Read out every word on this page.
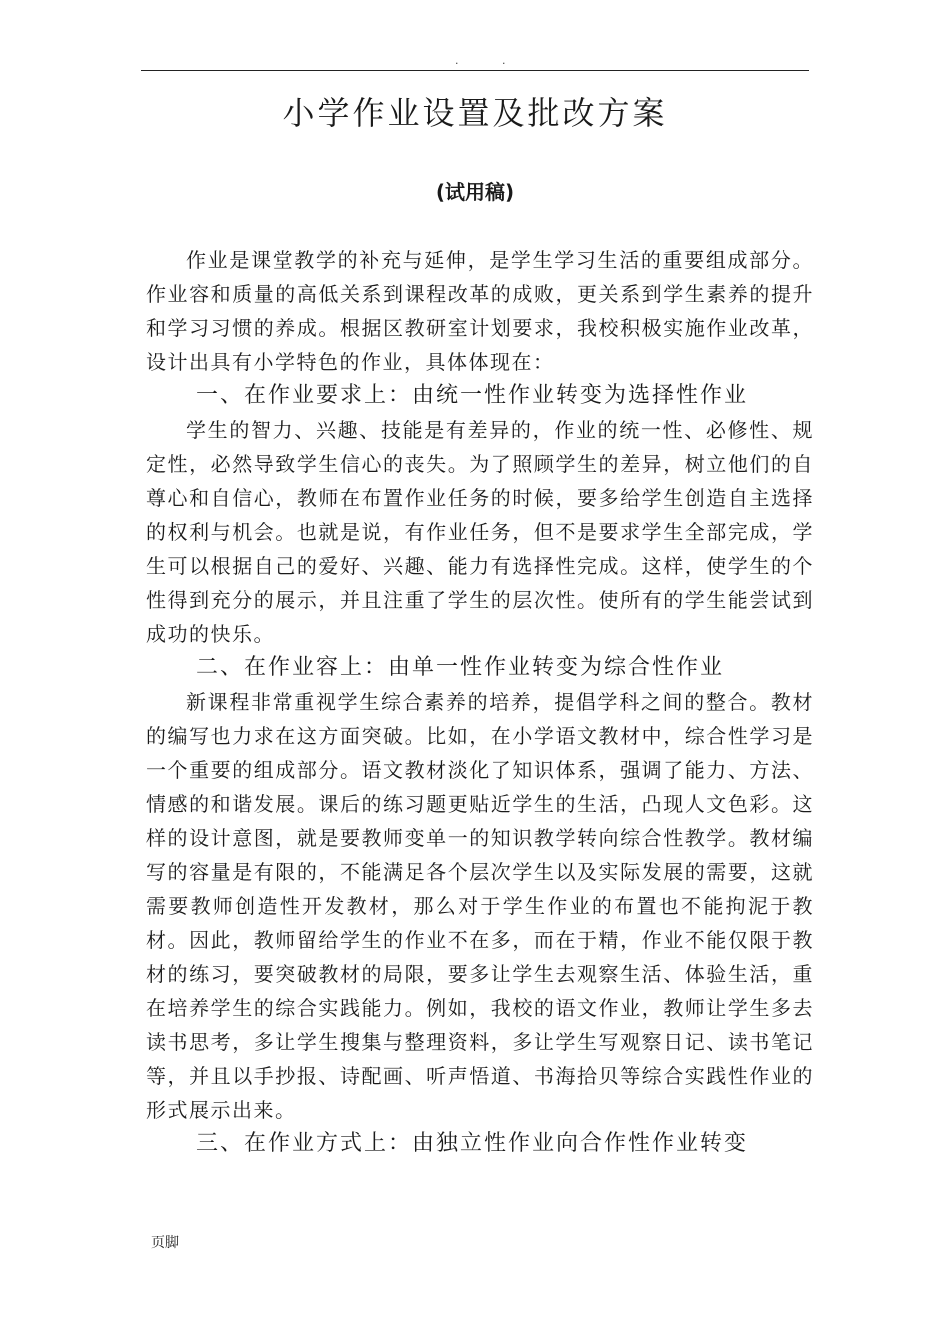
. .
小学作业设置及批改方案
(试用稿)

作业是课堂教学的补充与延伸，是学生学习生活的重要组成部分。作业容和质量的高低关系到课程改革的成败，更关系到学生素养的提升和学习习惯的养成。根据区教研室计划要求，我校积极实施作业改革，设计出具有小学特色的作业，具体体现在：

一、在作业要求上：由统一性作业转变为选择性作业

学生的智力、兴趣、技能是有差异的，作业的统一性、必修性、规定性，必然导致学生信心的丧失。为了照顾学生的差异，树立他们的自尊心和自信心，教师在布置作业任务的时候，要多给学生创造自主选择的权利与机会。也就是说，有作业任务，但不是要求学生全部完成，学生可以根据自己的爱好、兴趣、能力有选择性完成。这样，使学生的个性得到充分的展示，并且注重了学生的层次性。使所有的学生能尝试到成功的快乐。

二、在作业容上：由单一性作业转变为综合性作业

新课程非常重视学生综合素养的培养，提倡学科之间的整合。教材的编写也力求在这方面突破。比如，在小学语文教材中，综合性学习是一个重要的组成部分。语文教材淡化了知识体系，强调了能力、方法、情感的和谐发展。课后的练习题更贴近学生的生活，凸现人文色彩。这样的设计意图，就是要教师变单一的知识教学转向综合性教学。教材编写的容量是有限的，不能满足各个层次学生以及实际发展的需要，这就需要教师创造性开发教材，那么对于学生作业的布置也不能拘泥于教材。因此，教师留给学生的作业不在多，而在于精，作业不能仅限于教材的练习，要突破教材的局限，要多让学生去观察生活、体验生活，重在培养学生的综合实践能力。例如，我校的语文作业，教师让学生多去读书思考，多让学生搜集与整理资料，多让学生写观察日记、读书笔记等，并且以手抄报、诗配画、听声悟道、书海拾贝等综合实践性作业的形式展示出来。

三、在作业方式上：由独立性作业向合作性作业转变
页脚
